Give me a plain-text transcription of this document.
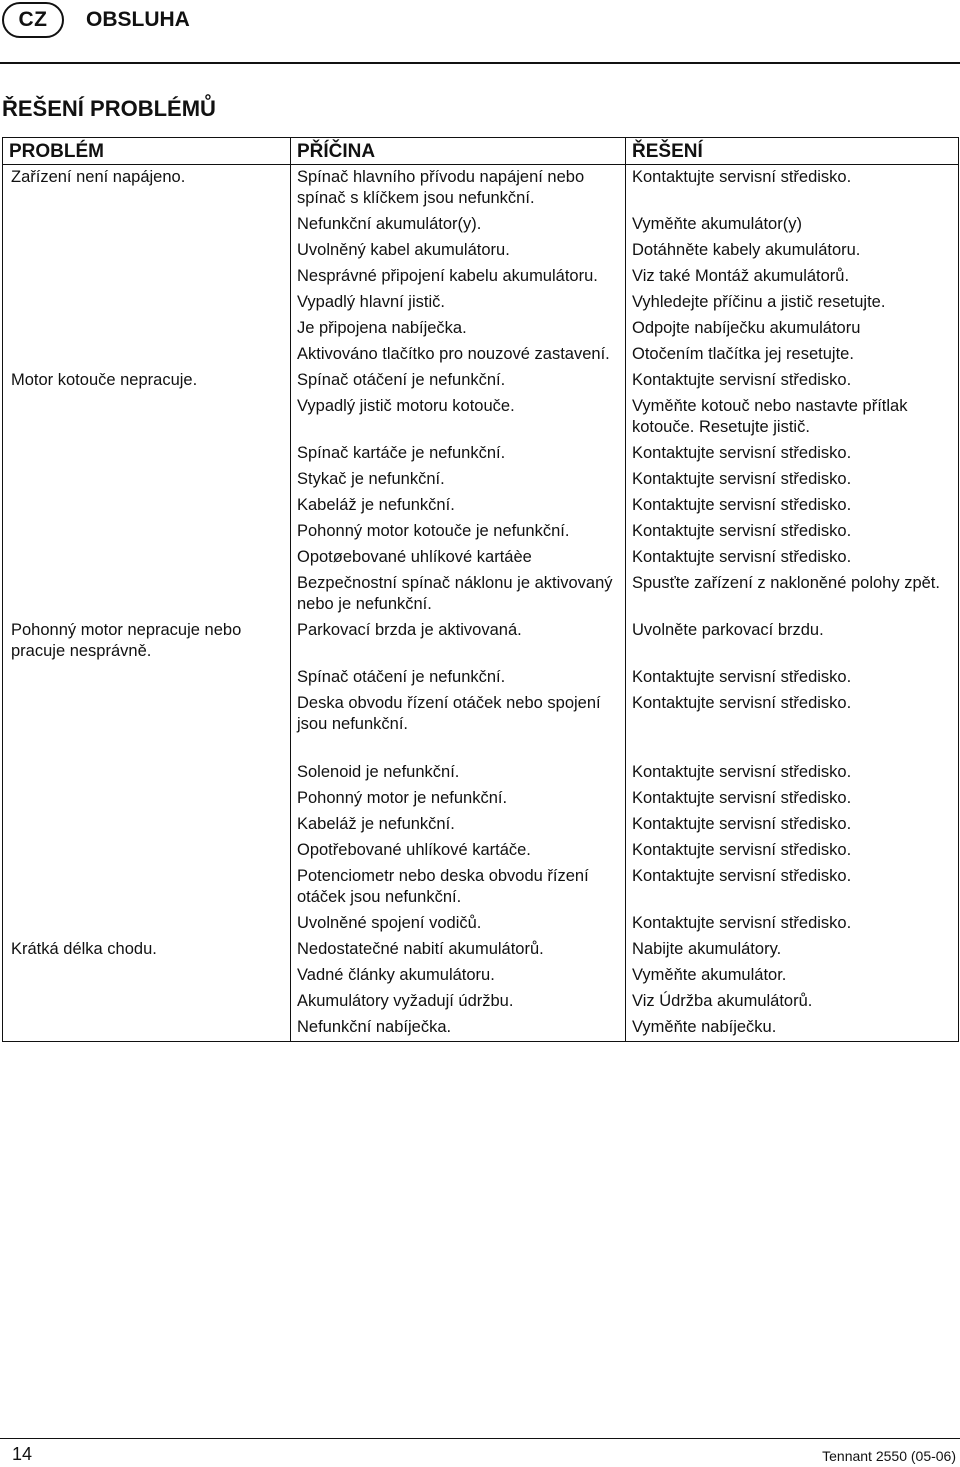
CZ	OBSLUHA
ŘEŠENÍ PROBLÉMŮ
PROBLÉM	PŘÍČINA	ŘEŠENÍ
Zařízení není napájeno.	Spínač hlavního přívodu napájení nebo spínač s klíčkem jsou nefunkční.	Kontaktujte servisní středisko.
	Nefunkční akumulátor(y).	Vyměňte akumulátor(y)
	Uvolněný kabel akumulátoru.	Dotáhněte kabely akumulátoru.
	Nesprávné připojení kabelu akumulátoru.	Viz také Montáž akumulátorů.
	Vypadlý hlavní jistič.	Vyhledejte příčinu a jistič resetujte.
	Je připojena nabíječka.	Odpojte nabíječku akumulátoru
	Aktivováno tlačítko pro nouzové zastavení.	Otočením tlačítka jej resetujte.
Motor kotouče nepracuje.	Spínač otáčení je nefunkční.	Kontaktujte servisní středisko.
	Vypadlý jistič motoru kotouče.	Vyměňte kotouč nebo nastavte přítlak kotouče. Resetujte jistič.
	Spínač kartáče je nefunkční.	Kontaktujte servisní středisko.
	Stykač je nefunkční.	Kontaktujte servisní středisko.
	Kabeláž je nefunkční.	Kontaktujte servisní středisko.
	Pohonný motor kotouče je nefunkční.	Kontaktujte servisní středisko.
	Opotøebované uhlíkové kartáèe	Kontaktujte servisní středisko.
	Bezpečnostní spínač náklonu je aktivovaný nebo je nefunkční.	Spusťte zařízení z nakloněné polohy zpět.
Pohonný motor nepracuje nebo pracuje nesprávně.	Parkovací brzda je aktivovaná.	Uvolněte parkovací brzdu.
	Spínač otáčení je nefunkční.	Kontaktujte servisní středisko.
	Deska obvodu řízení otáček nebo spojení jsou nefunkční.	Kontaktujte servisní středisko.

	Solenoid je nefunkční.	Kontaktujte servisní středisko.
	Pohonný motor je nefunkční.	Kontaktujte servisní středisko.
	Kabeláž je nefunkční.	Kontaktujte servisní středisko.
	Opotřebované uhlíkové kartáče.	Kontaktujte servisní středisko.
	Potenciometr nebo deska obvodu řízení otáček jsou nefunkční.	Kontaktujte servisní středisko.
	Uvolněné spojení vodičů.	Kontaktujte servisní středisko.
Krátká délka chodu.	Nedostatečné nabití akumulátorů.	Nabijte akumulátory.
	Vadné články akumulátoru.	Vyměňte akumulátor.
	Akumulátory vyžadují údržbu.	Viz Údržba akumulátorů.
	Nefunkční nabíječka.	Vyměňte nabíječku.
14	Tennant 2550 (05-06)
